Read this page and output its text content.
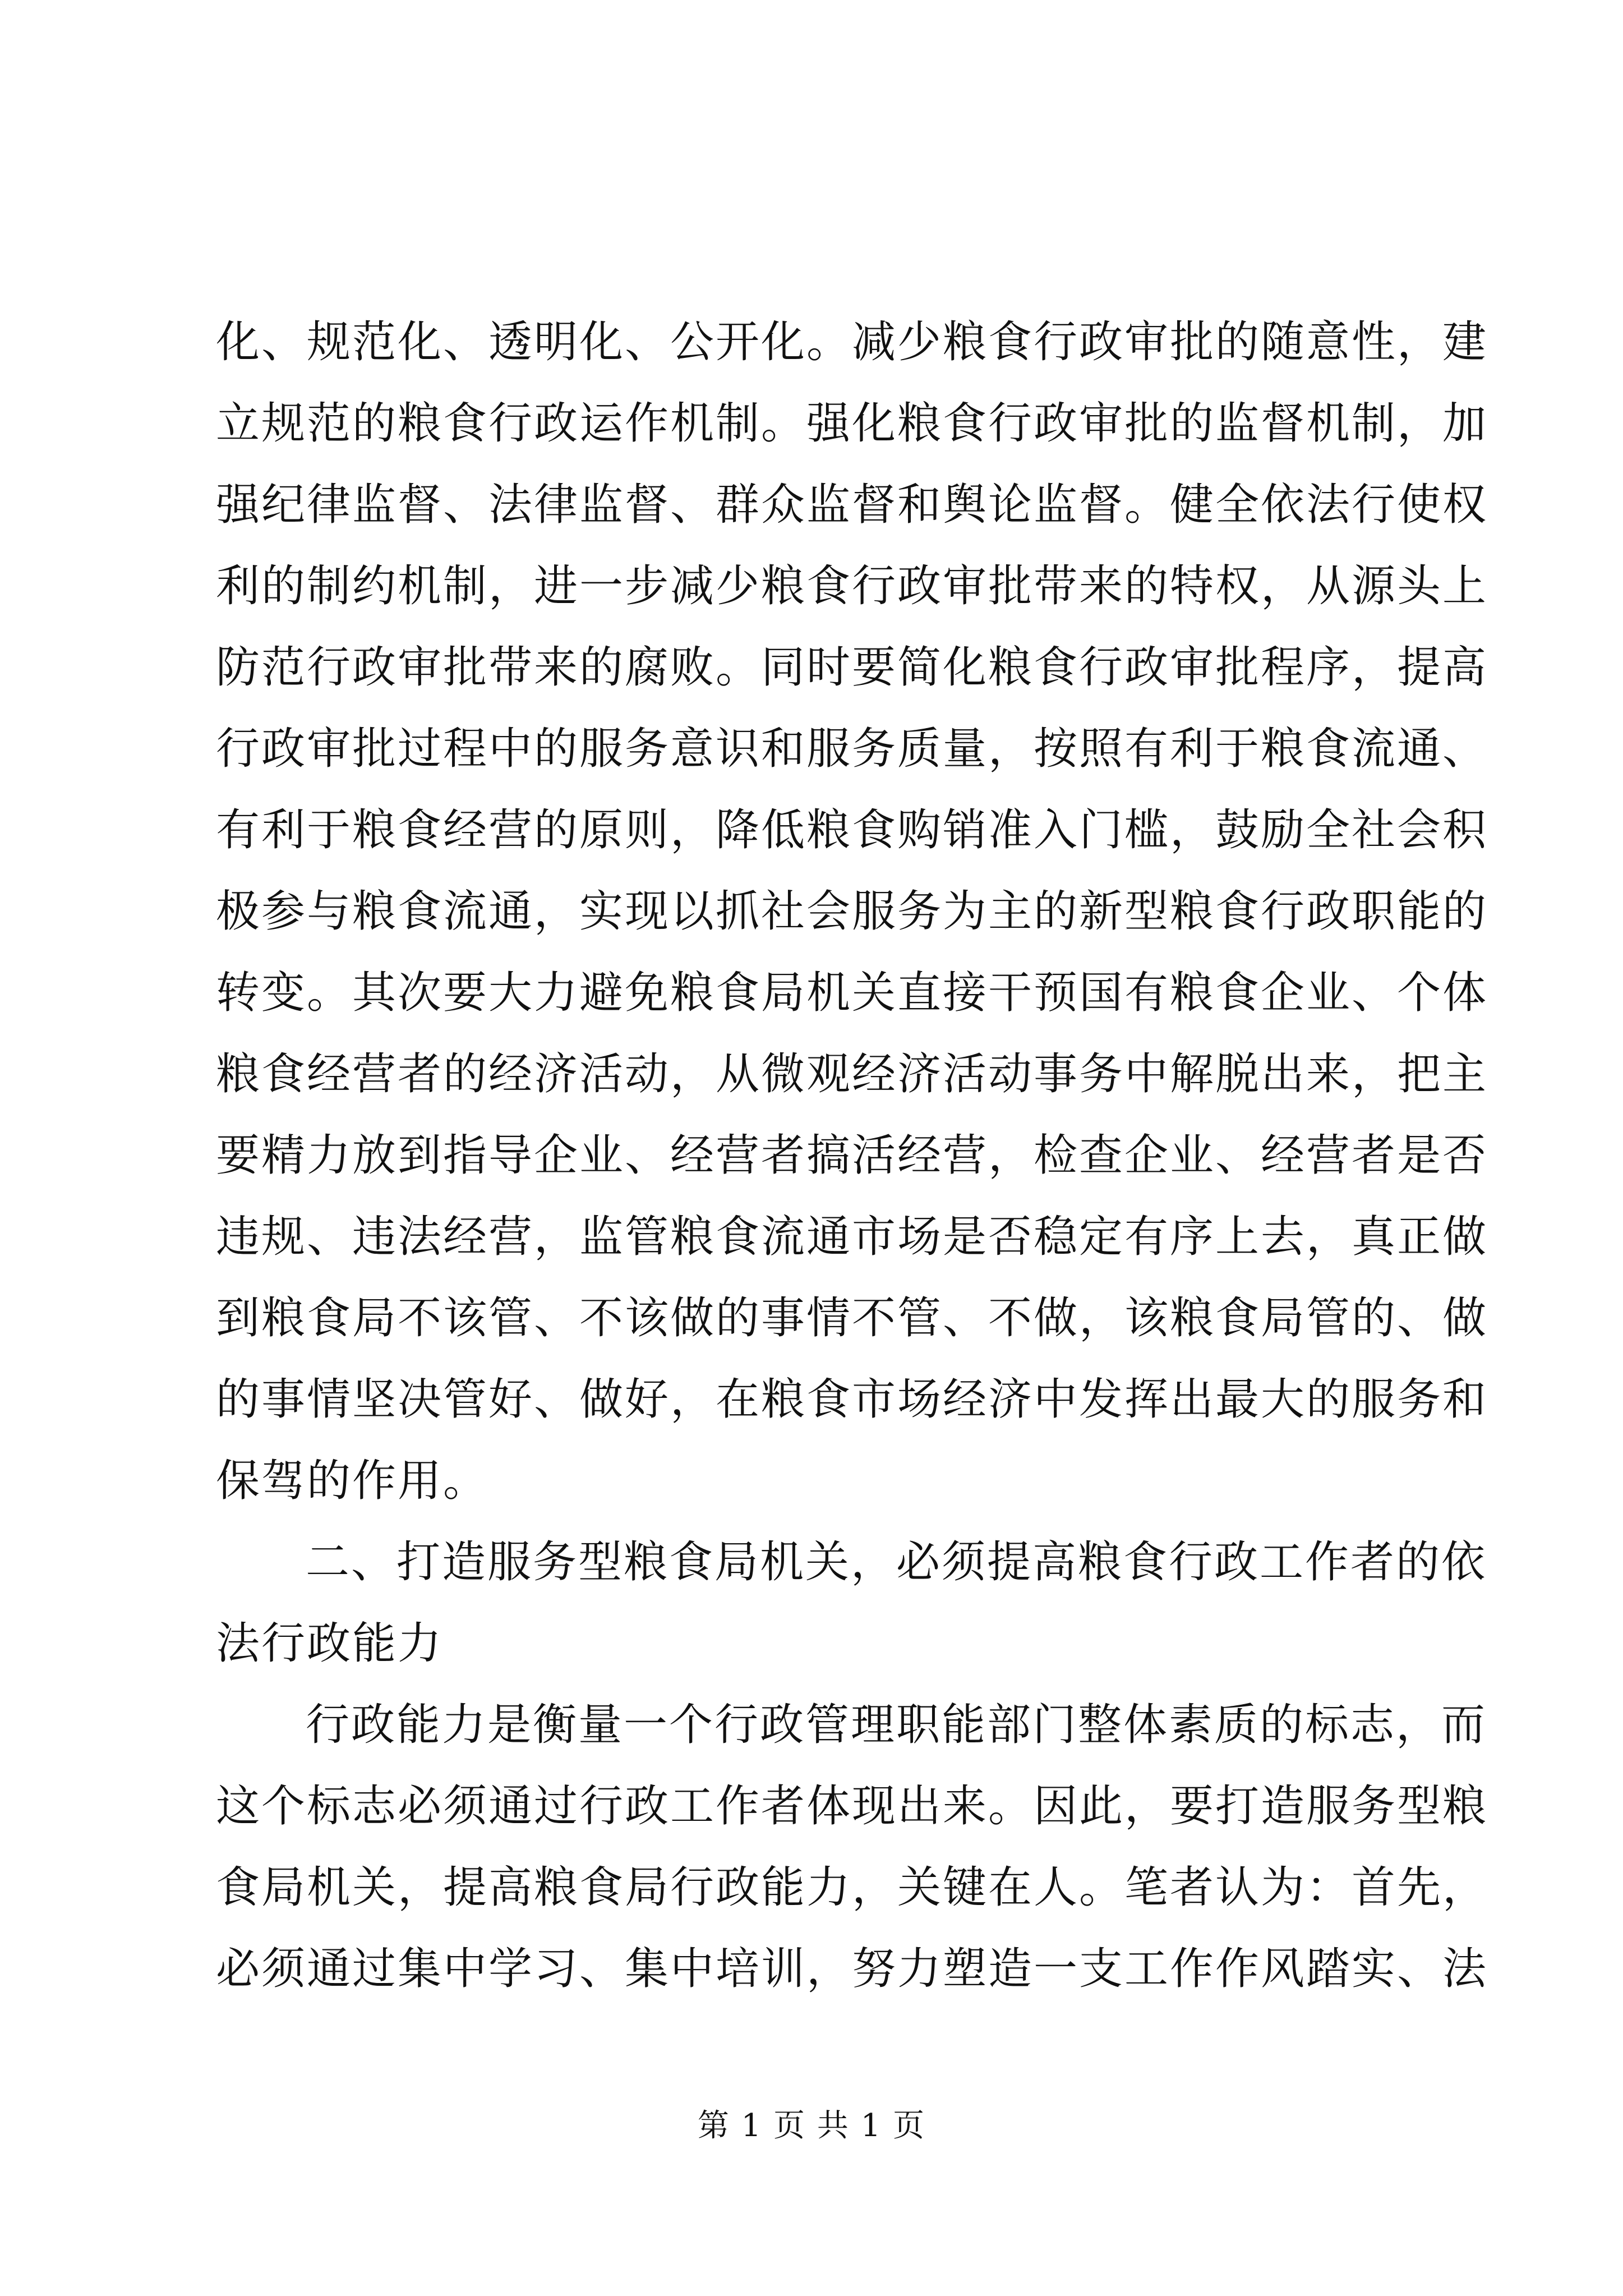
化、规范化、透明化、公开化。减少粮食行政审批的随意性，建
立规范的粮食行政运作机制。强化粮食行政审批的监督机制，加
强纪律监督、法律监督、群众监督和舆论监督。健全依法行使权
利的制约机制，进一步减少粮食行政审批带来的特权，从源头上
防范行政审批带来的腐败。同时要简化粮食行政审批程序，提高
行政审批过程中的服务意识和服务质量，按照有利于粮食流通、
有利于粮食经营的原则，降低粮食购销准入门槛，鼓励全社会积
极参与粮食流通，实现以抓社会服务为主的新型粮食行政职能的
转变。其次要大力避免粮食局机关直接干预国有粮食企业、个体
粮食经营者的经济活动，从微观经济活动事务中解脱出来，把主
要精力放到指导企业、经营者搞活经营，检查企业、经营者是否
违规、违法经营，监管粮食流通市场是否稳定有序上去，真正做
到粮食局不该管、不该做的事情不管、不做，该粮食局管的、做
的事情坚决管好、做好，在粮食市场经济中发挥出最大的服务和
保驾的作用。
二、打造服务型粮食局机关，必须提高粮食行政工作者的依
法行政能力
行政能力是衡量一个行政管理职能部门整体素质的标志，而
这个标志必须通过行政工作者体现出来。因此，要打造服务型粮
食局机关，提高粮食局行政能力，关键在人。笔者认为：首先，
必须通过集中学习、集中培训，努力塑造一支工作作风踏实、法
第 1 页 共 1 页
